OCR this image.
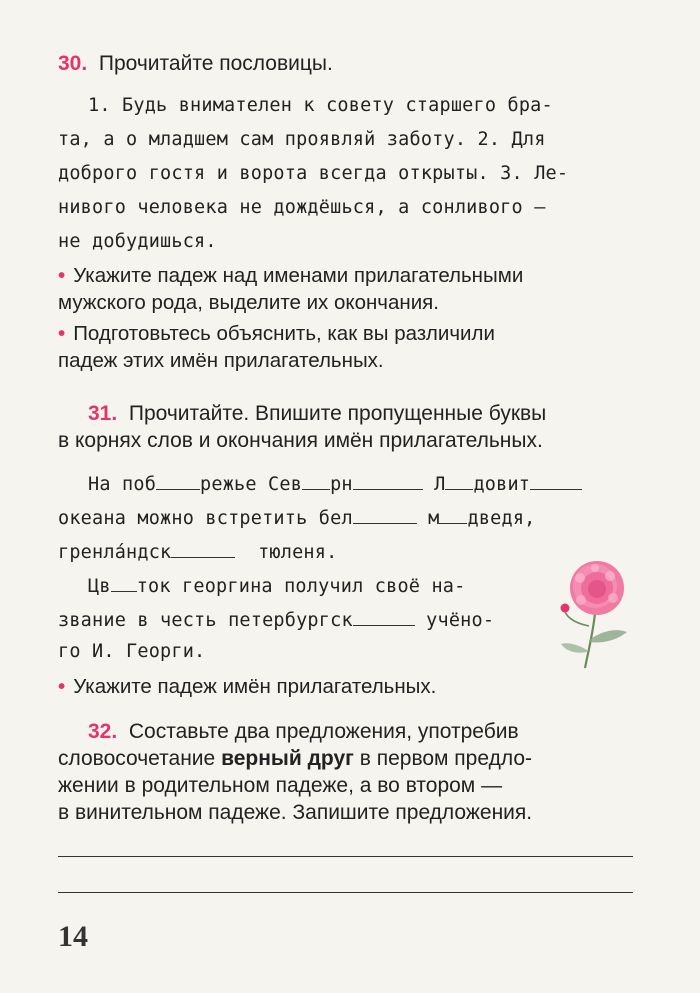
30. Прочитайте пословицы.
1. Будь внимателен к совету старшего бра-
та, а о младшем сам проявляй заботу. 2. Для
доброго гостя и ворота всегда открыты. 3. Ле-
нивого человека не дождёшься, а сонливого —
не добудишься.
• Укажите падеж над именами прилагательными
мужского рода, выделите их окончания.
• Подготовьтесь объяснить, как вы различили
падеж этих имён прилагательных.
31. Прочитайте. Впишите пропущенные буквы
в корнях слов и окончания имён прилагательных.
На поб режье Сев рн	Л довит
океана можно встретить бел	м дведя,
гренла́ндск	тюленя.
Цв ток георгина получил своё на-
звание в честь петербургск	учёно-
го И. Георги.
• Укажите падеж имён прилагательных.
32. Составьте два предложения, употребив
словосочетание верный друг в первом предло-
жении в родительном падеже, а во втором —
в винительном падеже. Запишите предложения.
14
